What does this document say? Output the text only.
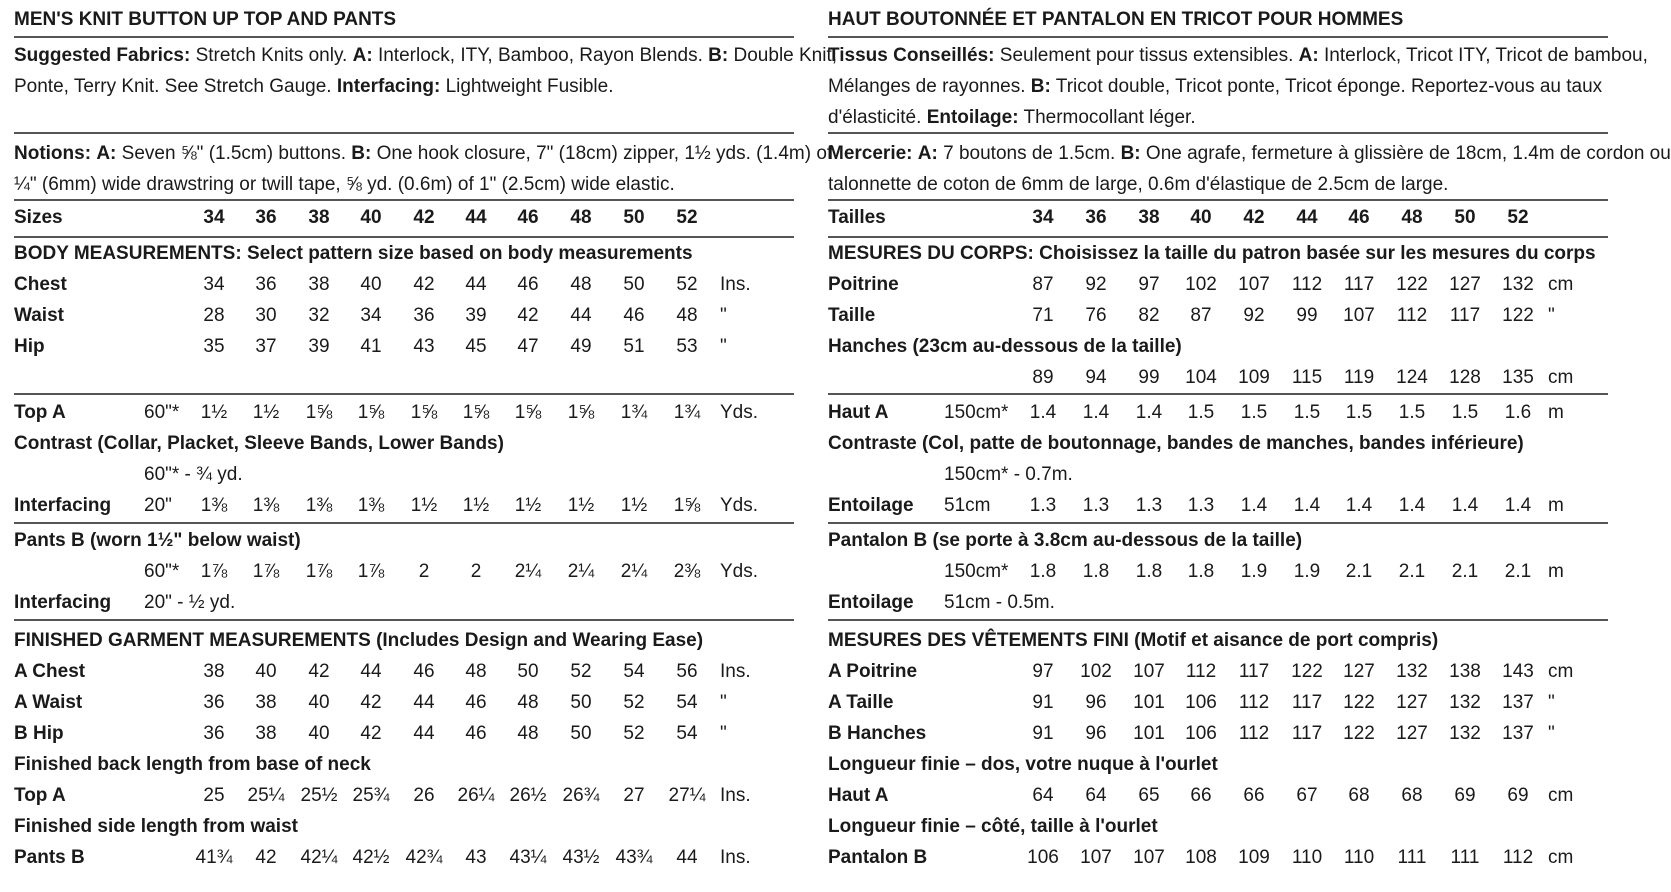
MEN'S KNIT BUTTON UP TOP AND PANTS
Suggested Fabrics: Stretch Knits only. A: Interlock, ITY, Bamboo, Rayon Blends. B: Double Knit,
Ponte, Terry Knit. See Stretch Gauge. Interfacing: Lightweight Fusible.
Notions: A: Seven ⅝" (1.5cm) buttons. B: One hook closure, 7" (18cm) zipper, 1½ yds. (1.4m) of
¼" (6mm) wide drawstring or twill tape, ⅝ yd. (0.6m) of 1" (2.5cm) wide elastic.
Sizes	34 36 38 40 42 44 46 48 50 52
BODY MEASUREMENTS: Select pattern size based on body measurements
Chest	34 36 38 40 42 44 46 48 50 52 Ins.
Waist	28 30 32 34 36 39 42 44 46 48 "
Hip	35 37 39 41 43 45 47 49 51 53 "
Top A	60"* 1½ 1½ 1⅝ 1⅝ 1⅝ 1⅝ 1⅝ 1⅝ 1¾ 1¾ Yds.
Contrast (Collar, Placket, Sleeve Bands, Lower Bands)
60"* - ¾ yd.
Interfacing 20" 1⅜ 1⅜ 1⅜ 1⅜ 1½ 1½ 1½ 1½ 1½ 1⅝ Yds.
Pants B (worn 1½" below waist)
60"* 1⅞ 1⅞ 1⅞ 1⅞ 2 2 2¼ 2¼ 2¼ 2⅜ Yds.
Interfacing 20" - ½ yd.
FINISHED GARMENT MEASUREMENTS (Includes Design and Wearing Ease)
A Chest	38 40 42 44 46 48 50 52 54 56 Ins.
A Waist	36 38 40 42 44 46 48 50 52 54 "
B Hip	36 38 40 42 44 46 48 50 52 54 "
Finished back length from base of neck
Top A	25 25¼ 25½ 25¾ 26 26¼ 26½ 26¾ 27 27¼ Ins.
Finished side length from waist
Pants B	41¾ 42 42¼ 42½ 42¾ 43 43¼ 43½ 43¾ 44 Ins.
HAUT BOUTONNÉE ET PANTALON EN TRICOT POUR HOMMES
Tissus Conseillés: Seulement pour tissus extensibles. A: Interlock, Tricot ITY, Tricot de bambou,
Mélanges de rayonnes. B: Tricot double, Tricot ponte, Tricot éponge. Reportez-vous au taux
d'élasticité. Entoilage: Thermocollant léger.
Mercerie: A: 7 boutons de 1.5cm. B: One agrafe, fermeture à glissière de 18cm, 1.4m de cordon ou
talonnette de coton de 6mm de large, 0.6m d'élastique de 2.5cm de large.
Tailles	34 36 38 40 42 44 46 48 50 52
MESURES DU CORPS: Choisissez la taille du patron basée sur les mesures du corps
Poitrine	87 92 97 102 107 112 117 122 127 132 cm
Taille	71 76 82 87 92 99 107 112 117 122 "
Hanches (23cm au-dessous de la taille)
89 94 99 104 109 115 119 124 128 135 cm
Haut A	150cm* 1.4 1.4 1.4 1.5 1.5 1.5 1.5 1.5 1.5 1.6 m
Contraste (Col, patte de boutonnage, bandes de manches, bandes inférieure)
150cm* - 0.7m.
Entoilage 51cm 1.3 1.3 1.3 1.3 1.4 1.4 1.4 1.4 1.4 1.4 m
Pantalon B (se porte à 3.8cm au-dessous de la taille)
150cm* 1.8 1.8 1.8 1.8 1.9 1.9 2.1 2.1 2.1 2.1 m
Entoilage 51cm - 0.5m.
MESURES DES VÊTEMENTS FINI (Motif et aisance de port compris)
A Poitrine	97 102 107 112 117 122 127 132 138 143 cm
A Taille	91 96 101 106 112 117 122 127 132 137 "
B Hanches	91 96 101 106 112 117 122 127 132 137 "
Longueur finie – dos, votre nuque à l'ourlet
Haut A	64 64 65 66 66 67 68 68 69 69 cm
Longueur finie – côté, taille à l'ourlet
Pantalon B	106 107 107 108 109 110 110 111 111 112 cm
